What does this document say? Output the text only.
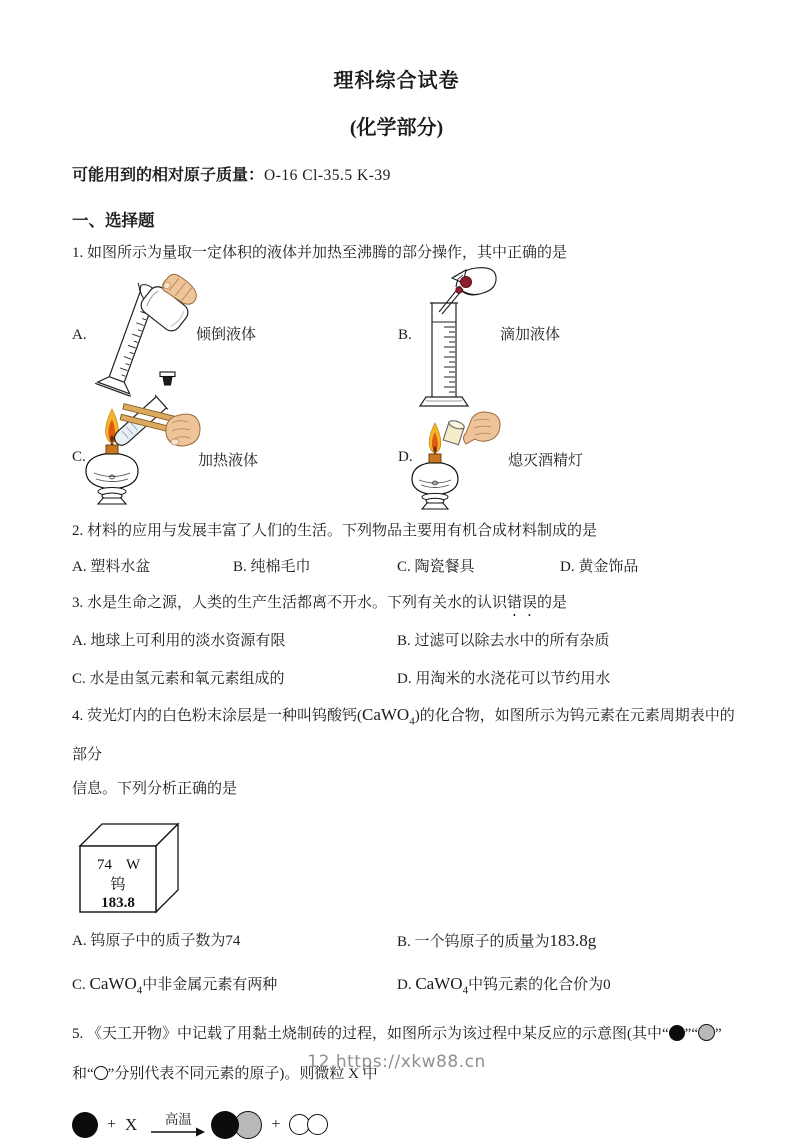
理科综合试卷
(化学部分)
可能用到的相对原子质量：O-16 Cl-35.5 K-39
一、选择题
1. 如图所示为量取一定体积的液体并加热至沸腾的部分操作，其中正确的是
A.	倾倒液体	B.	滴加液体
C.	加热液体	D.	熄灭酒精灯
2. 材料的应用与发展丰富了人们的生活。下列物品主要用有机合成材料制成的是
A. 塑料水盆	B. 纯棉毛巾	C. 陶瓷餐具	D. 黄金饰品
3. 水是生命之源，人类的生产生活都离不开水。下列有关水的认识错误的是
A. 地球上可利用的淡水资源有限	B. 过滤可以除去水中的所有杂质
C. 水是由氢元素和氧元素组成的	D. 用淘米的水浇花可以节约用水
4. 荧光灯内的白色粉末涂层是一种叫钨酸钙(CaWO$_4$)的化合物，如图所示为钨元素在元素周期表中的部分
信息。下列分析正确的是
74 W
钨
183.8
A. 钨原子中的质子数为74	B. 一个钨原子的质量为183.8g
C. CaWO$_4$中非金属元素有两种	D. CaWO$_4$中钨元素的化合价为0
5. 《天工开物》中记载了用黏土烧制砖的过程，如图所示为该过程中某反应的示意图(其中“ ”“ ”
和“ ”分别代表不同元素的原子)。则微粒 X 中
+ X 高温	+
12 https://xkw88.cn
